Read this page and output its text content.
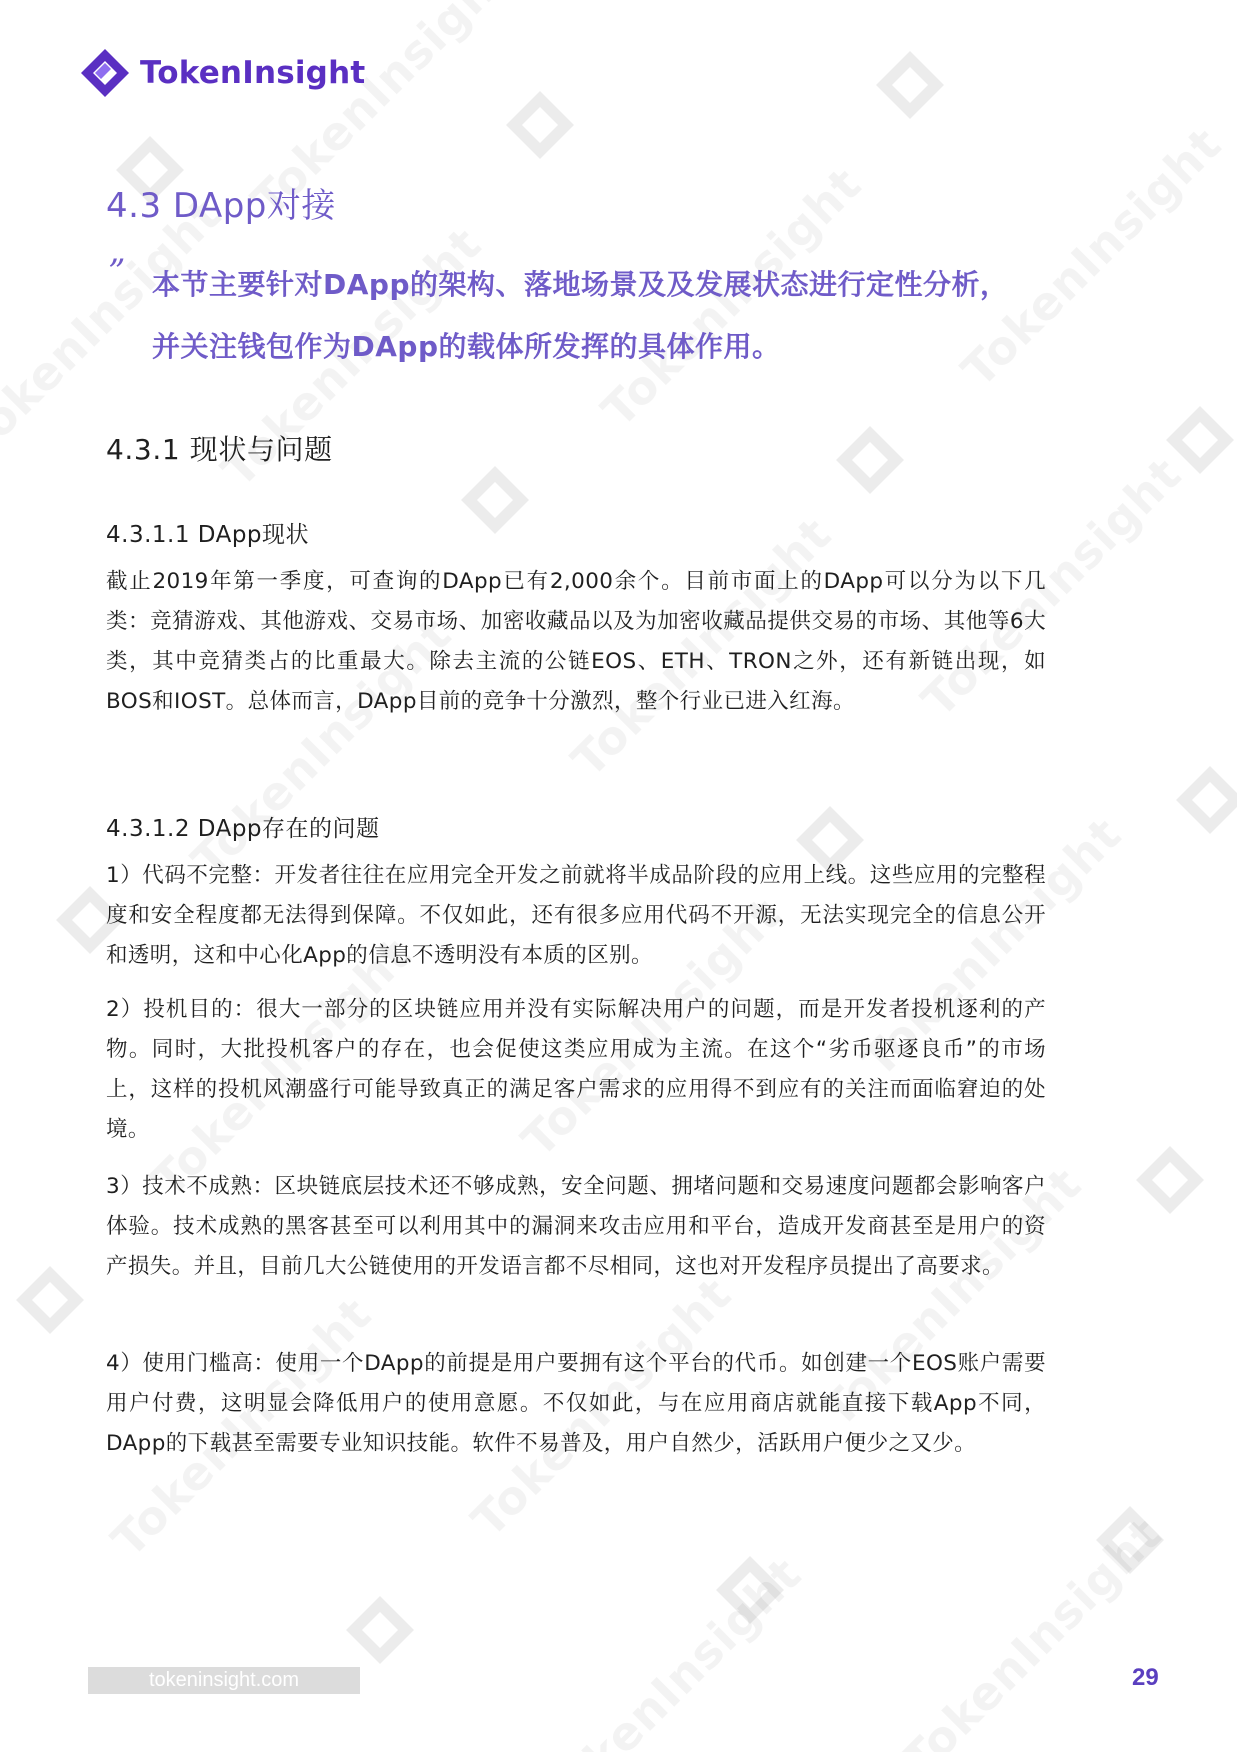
TokenInsight
4.3 DApp对接
” 本节主要针对DApp的架构、落地场景及及发展状态进行定性分析，并关注钱包作为DApp的载体所发挥的具体作用。
4.3.1 现状与问题
4.3.1.1 DApp现状
截止2019年第一季度，可查询的DApp已有2,000余个。目前市面上的DApp可以分为以下几类：竞猜游戏、其他游戏、交易市场、加密收藏品以及为加密收藏品提供交易的市场、其他等6大类，其中竞猜类占的比重最大。除去主流的公链EOS、ETH、TRON之外，还有新链出现，如BOS和IOST。总体而言，DApp目前的竞争十分激烈，整个行业已进入红海。
4.3.1.2 DApp存在的问题
1）代码不完整：开发者往往在应用完全开发之前就将半成品阶段的应用上线。这些应用的完整程度和安全程度都无法得到保障。不仅如此，还有很多应用代码不开源，无法实现完全的信息公开和透明，这和中心化App的信息不透明没有本质的区别。
2）投机目的：很大一部分的区块链应用并没有实际解决用户的问题，而是开发者投机逐利的产物。同时，大批投机客户的存在，也会促使这类应用成为主流。在这个“劣币驱逐良币”的市场上，这样的投机风潮盛行可能导致真正的满足客户需求的应用得不到应有的关注而面临窘迫的处境。
3）技术不成熟：区块链底层技术还不够成熟，安全问题、拥堵问题和交易速度问题都会影响客户体验。技术成熟的黑客甚至可以利用其中的漏洞来攻击应用和平台，造成开发商甚至是用户的资产损失。并且，目前几大公链使用的开发语言都不尽相同，这也对开发程序员提出了高要求。
4）使用门槛高：使用一个DApp的前提是用户要拥有这个平台的代币。如创建一个EOS账户需要用户付费，这明显会降低用户的使用意愿。不仅如此，与在应用商店就能直接下载App不同，DApp的下载甚至需要专业知识技能。软件不易普及，用户自然少，活跃用户便少之又少。
tokeninsight.com	29
